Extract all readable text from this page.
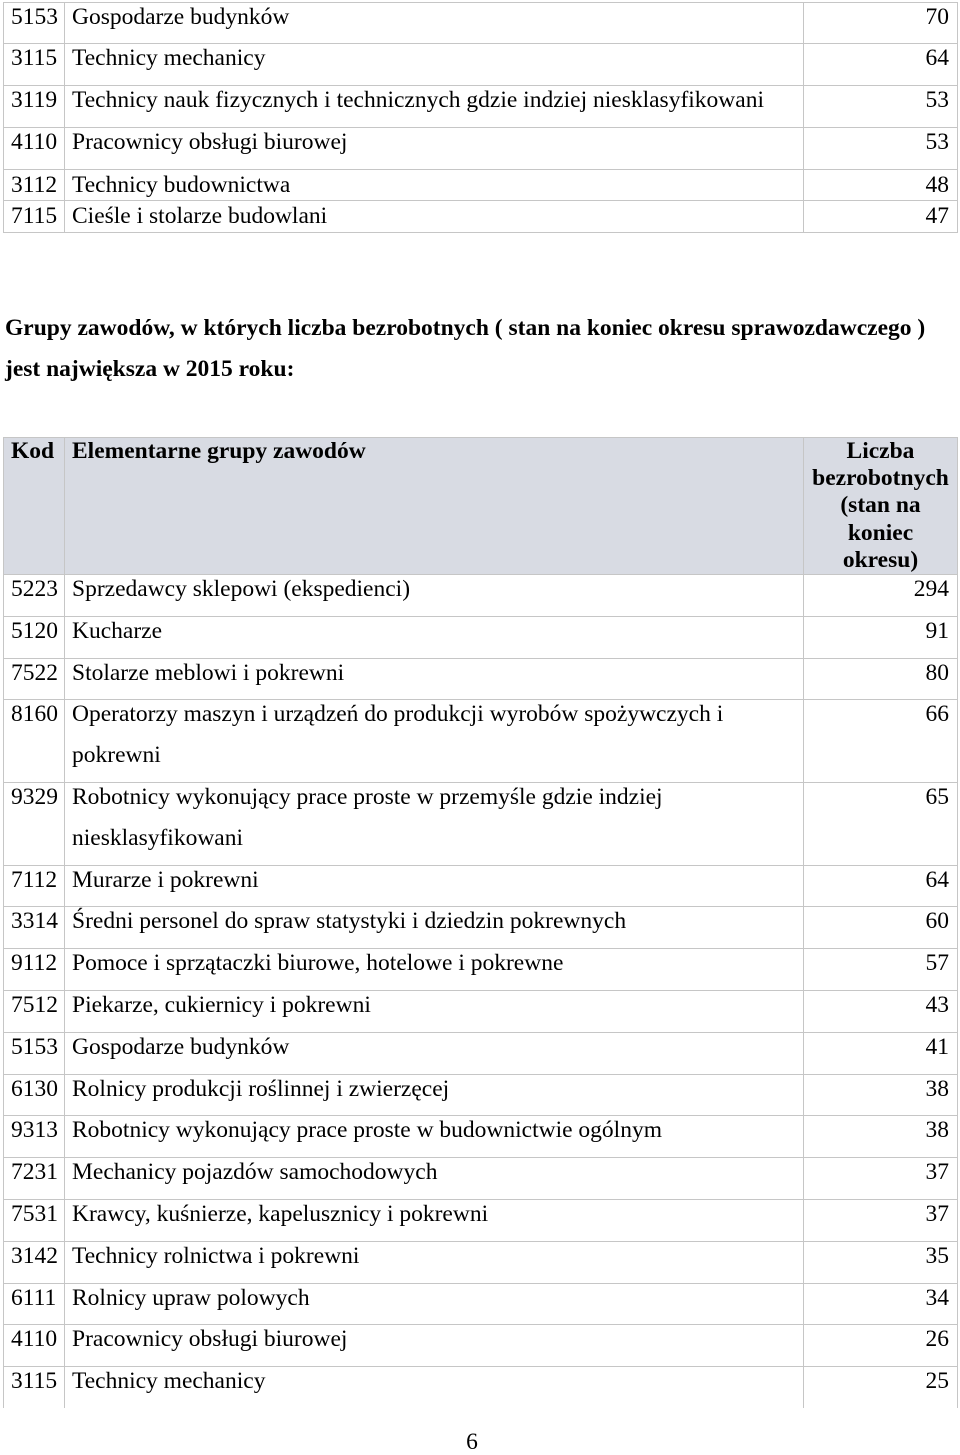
5153	Gospodarze budynków	70

3115	Technicy mechanicy	64

3119	Technicy nauk fizycznych i technicznych gdzie indziej niesklasyfikowani	53

4110	Pracownicy obsługi biurowej	53

3112	Technicy budownictwa	48

7115	Cieśle i stolarze budowlani	47
Grupy zawodów, w których liczba bezrobotnych ( stan na koniec okresu sprawozdawczego )
jest największa w 2015 roku:
Kod	Elementarne grupy zawodów	Liczba bezrobotnych (stan na koniec okresu)

5223	Sprzedawcy sklepowi (ekspedienci)	294

5120	Kucharze	91

7522	Stolarze meblowi i pokrewni	80

8160	Operatorzy maszyn i urządzeń do produkcji wyrobów spożywczych i pokrewni	66

9329	Robotnicy wykonujący prace proste w przemyśle gdzie indziej niesklasyfikowani	65

7112	Murarze i pokrewni	64

3314	Średni personel do spraw statystyki i dziedzin pokrewnych	60

9112	Pomoce i sprzątaczki biurowe, hotelowe i pokrewne	57

7512	Piekarze, cukiernicy i pokrewni	43

5153	Gospodarze budynków	41

6130	Rolnicy produkcji roślinnej i zwierzęcej	38

9313	Robotnicy wykonujący prace proste w budownictwie ogólnym	38

7231	Mechanicy pojazdów samochodowych	37

7531	Krawcy, kuśnierze, kapelusznicy i pokrewni	37

3142	Technicy rolnictwa i pokrewni	35

6111	Rolnicy upraw polowych	34

4110	Pracownicy obsługi biurowej	26

3115	Technicy mechanicy	25
6
